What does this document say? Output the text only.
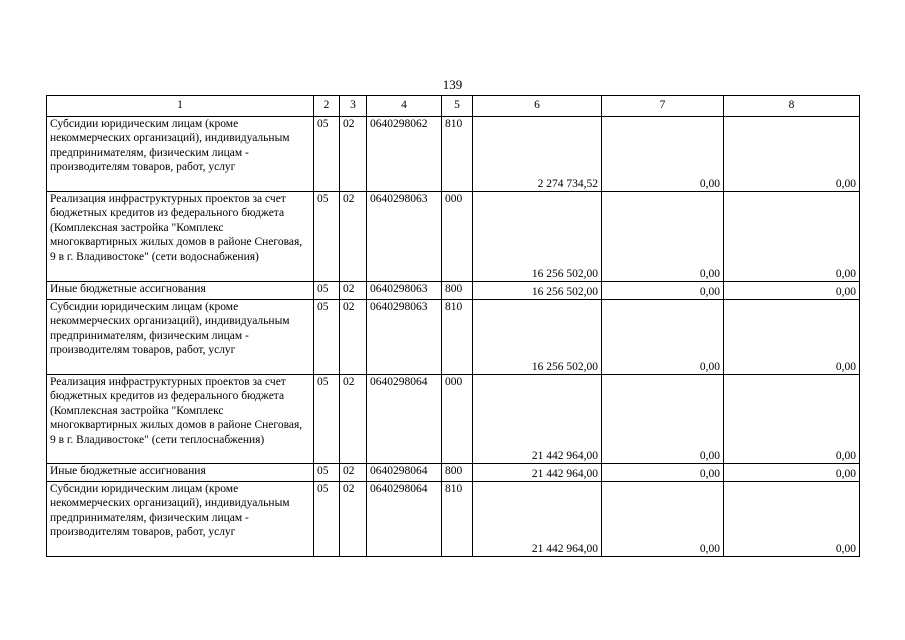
139
1	2	3	4	5	6	7	8
Субсидии юридическим лицам (кроме некоммерческих организаций), индивидуальным предпринимателям, физическим лицам - производителям товаров, работ, услуг	05	02	0640298062	810	2 274 734,52	0,00	0,00
Реализация инфраструктурных проектов за счет бюджетных кредитов из федерального бюджета (Комплексная застройка "Комплекс многоквартирных жилых домов в районе Снеговая, 9 в г. Владивостоке" (сети водоснабжения)	05	02	0640298063	000	16 256 502,00	0,00	0,00
Иные бюджетные ассигнования	05	02	0640298063	800	16 256 502,00	0,00	0,00
Субсидии юридическим лицам (кроме некоммерческих организаций), индивидуальным предпринимателям, физическим лицам - производителям товаров, работ, услуг	05	02	0640298063	810	16 256 502,00	0,00	0,00
Реализация инфраструктурных проектов за счет бюджетных кредитов из федерального бюджета (Комплексная застройка "Комплекс многоквартирных жилых домов в районе Снеговая, 9 в г. Владивостоке" (сети теплоснабжения)	05	02	0640298064	000	21 442 964,00	0,00	0,00
Иные бюджетные ассигнования	05	02	0640298064	800	21 442 964,00	0,00	0,00
Субсидии юридическим лицам (кроме некоммерческих организаций), индивидуальным предпринимателям, физическим лицам - производителям товаров, работ, услуг	05	02	0640298064	810	21 442 964,00	0,00	0,00
